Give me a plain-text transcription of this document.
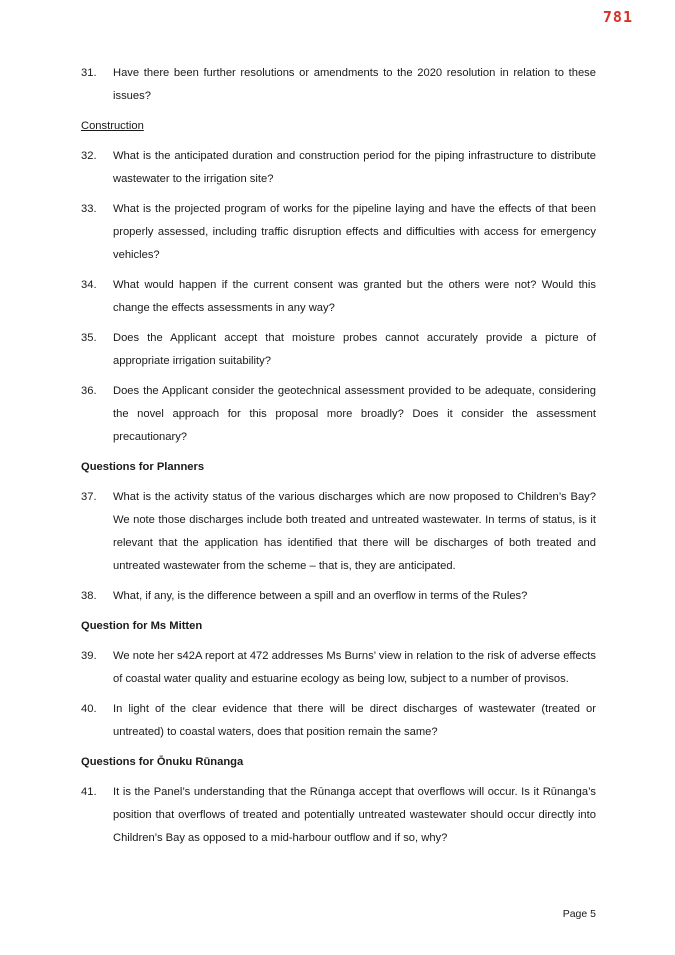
781
31.	Have there been further resolutions or amendments to the 2020 resolution in relation to these issues?
Construction
32.	What is the anticipated duration and construction period for the piping infrastructure to distribute wastewater to the irrigation site?
33.	What is the projected program of works for the pipeline laying and have the effects of that been properly assessed, including traffic disruption effects and difficulties with access for emergency vehicles?
34.	What would happen if the current consent was granted but the others were not? Would this change the effects assessments in any way?
35.	Does the Applicant accept that moisture probes cannot accurately provide a picture of appropriate irrigation suitability?
36.	Does the Applicant consider the geotechnical assessment provided to be adequate, considering the novel approach for this proposal more broadly? Does it consider the assessment precautionary?
Questions for Planners
37.	What is the activity status of the various discharges which are now proposed to Children’s Bay? We note those discharges include both treated and untreated wastewater. In terms of status, is it relevant that the application has identified that there will be discharges of both treated and untreated wastewater from the scheme – that is, they are anticipated.
38.	What, if any, is the difference between a spill and an overflow in terms of the Rules?
Question for Ms Mitten
39.	We note her s42A report at 472 addresses Ms Burns’ view in relation to the risk of adverse effects of coastal water quality and estuarine ecology as being low, subject to a number of provisos.
40.	In light of the clear evidence that there will be direct discharges of wastewater (treated or untreated) to coastal waters, does that position remain the same?
Questions for Ōnuku Rūnanga
41.	It is the Panel’s understanding that the Rūnanga accept that overflows will occur. Is it Rūnanga’s position that overflows of treated and potentially untreated wastewater should occur directly into Children’s Bay as opposed to a mid-harbour outflow and if so, why?
Page 5
